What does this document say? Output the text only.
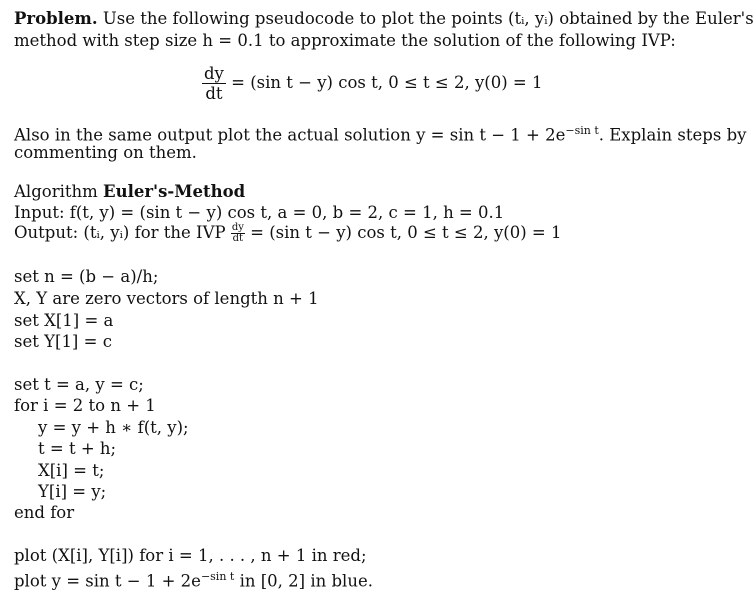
Problem. Use the following pseudocode to plot the points (tᵢ, yᵢ) obtained by the Euler's
method with step size h = 0.1 to approximate the solution of the following IVP:
$\frac{dy}{dt} = (\sin$ t − y) cos t, 0 ≤ t ≤ 2, y(0) = 1
Also in the same output plot the actual solution $y = \sin t - 1 + 2e^{-sin t}$. Explain steps by
commenting on them.
Algorithm Euler's-Method
Input: f(t, y) = (sin t − y) cos t, a = 0, b = 2, c = 1, h = 0.1
Output: (tᵢ, yᵢ) for the IVP $\frac{dy}{dt} = (\sin$ t − y) cos t, 0 ≤ t ≤ 2, y(0) = 1
set n = (b − a)/h;
X, Y are zero vectors of length n + 1
set X[1] = a
set Y[1] = c
set t = a, y = c;
for i = 2 to n + 1
y = y + h ∗ f(t, y);
t = t + h;
X[i] = t;
Y[i] = y;
end for
plot (X[i], Y[i]) for i = 1, . . . , n + 1 in red;
plot $y = \sin t - 1 + 2e^{-sin t}$ in [0, 2] in blue.
